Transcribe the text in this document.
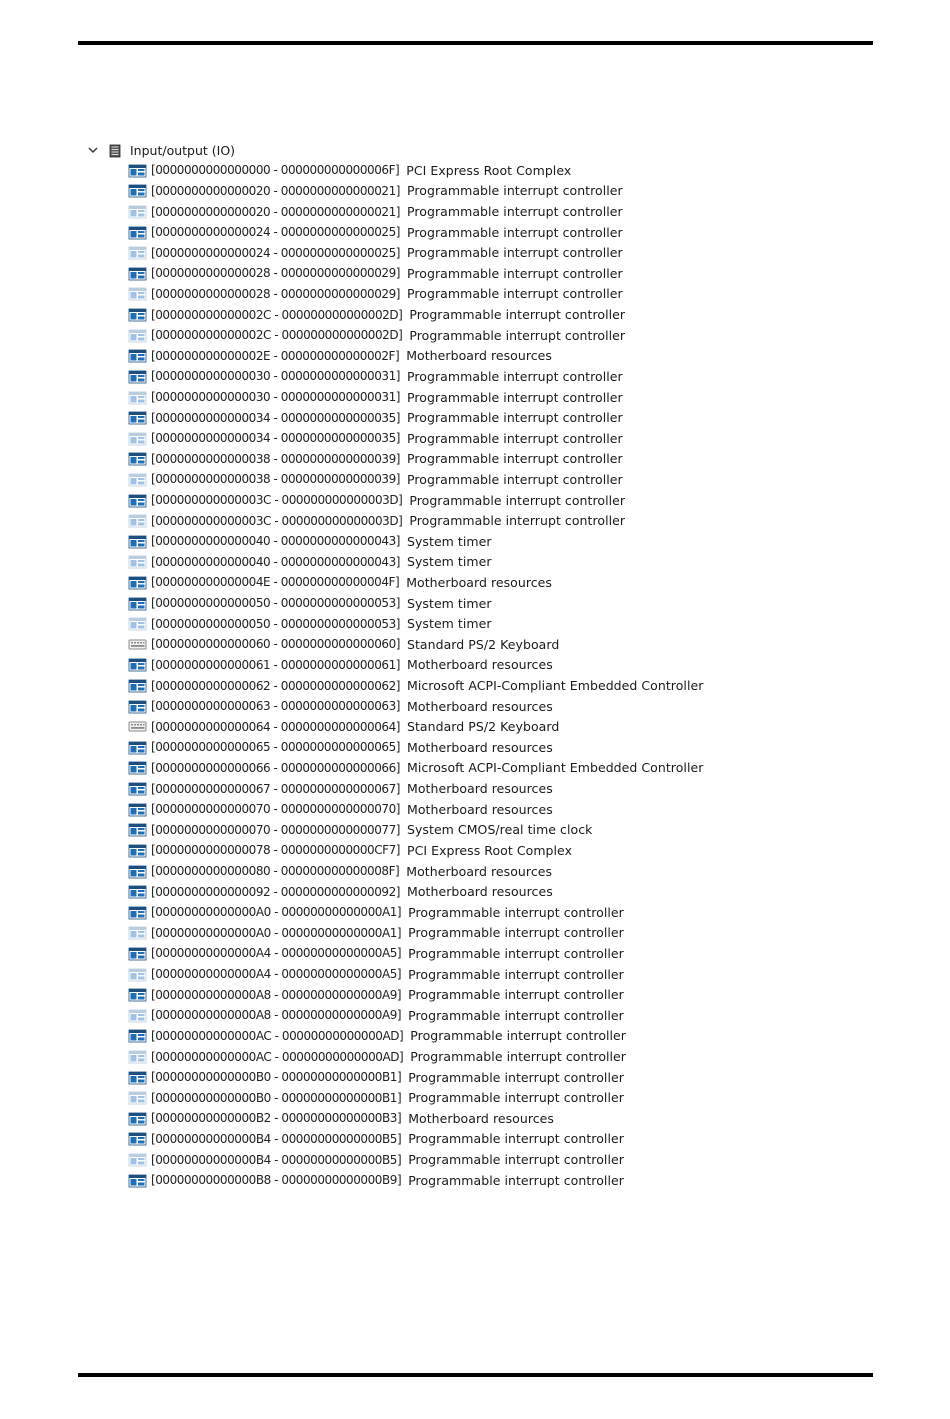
Input/output (IO)
[0000000000000000 - 000000000000006F] PCI Express Root Complex
[0000000000000020 - 0000000000000021] Programmable interrupt controller
[0000000000000020 - 0000000000000021] Programmable interrupt controller
[0000000000000024 - 0000000000000025] Programmable interrupt controller
[0000000000000024 - 0000000000000025] Programmable interrupt controller
[0000000000000028 - 0000000000000029] Programmable interrupt controller
[0000000000000028 - 0000000000000029] Programmable interrupt controller
[000000000000002C - 000000000000002D] Programmable interrupt controller
[000000000000002C - 000000000000002D] Programmable interrupt controller
[000000000000002E - 000000000000002F] Motherboard resources
[0000000000000030 - 0000000000000031] Programmable interrupt controller
[0000000000000030 - 0000000000000031] Programmable interrupt controller
[0000000000000034 - 0000000000000035] Programmable interrupt controller
[0000000000000034 - 0000000000000035] Programmable interrupt controller
[0000000000000038 - 0000000000000039] Programmable interrupt controller
[0000000000000038 - 0000000000000039] Programmable interrupt controller
[000000000000003C - 000000000000003D] Programmable interrupt controller
[000000000000003C - 000000000000003D] Programmable interrupt controller
[0000000000000040 - 0000000000000043] System timer
[0000000000000040 - 0000000000000043] System timer
[000000000000004E - 000000000000004F] Motherboard resources
[0000000000000050 - 0000000000000053] System timer
[0000000000000050 - 0000000000000053] System timer
[0000000000000060 - 0000000000000060] Standard PS/2 Keyboard
[0000000000000061 - 0000000000000061] Motherboard resources
[0000000000000062 - 0000000000000062] Microsoft ACPI-Compliant Embedded Controller
[0000000000000063 - 0000000000000063] Motherboard resources
[0000000000000064 - 0000000000000064] Standard PS/2 Keyboard
[0000000000000065 - 0000000000000065] Motherboard resources
[0000000000000066 - 0000000000000066] Microsoft ACPI-Compliant Embedded Controller
[0000000000000067 - 0000000000000067] Motherboard resources
[0000000000000070 - 0000000000000070] Motherboard resources
[0000000000000070 - 0000000000000077] System CMOS/real time clock
[0000000000000078 - 0000000000000CF7] PCI Express Root Complex
[0000000000000080 - 000000000000008F] Motherboard resources
[0000000000000092 - 0000000000000092] Motherboard resources
[00000000000000A0 - 00000000000000A1] Programmable interrupt controller
[00000000000000A0 - 00000000000000A1] Programmable interrupt controller
[00000000000000A4 - 00000000000000A5] Programmable interrupt controller
[00000000000000A4 - 00000000000000A5] Programmable interrupt controller
[00000000000000A8 - 00000000000000A9] Programmable interrupt controller
[00000000000000A8 - 00000000000000A9] Programmable interrupt controller
[00000000000000AC - 00000000000000AD] Programmable interrupt controller
[00000000000000AC - 00000000000000AD] Programmable interrupt controller
[00000000000000B0 - 00000000000000B1] Programmable interrupt controller
[00000000000000B0 - 00000000000000B1] Programmable interrupt controller
[00000000000000B2 - 00000000000000B3] Motherboard resources
[00000000000000B4 - 00000000000000B5] Programmable interrupt controller
[00000000000000B4 - 00000000000000B5] Programmable interrupt controller
[00000000000000B8 - 00000000000000B9] Programmable interrupt controller
